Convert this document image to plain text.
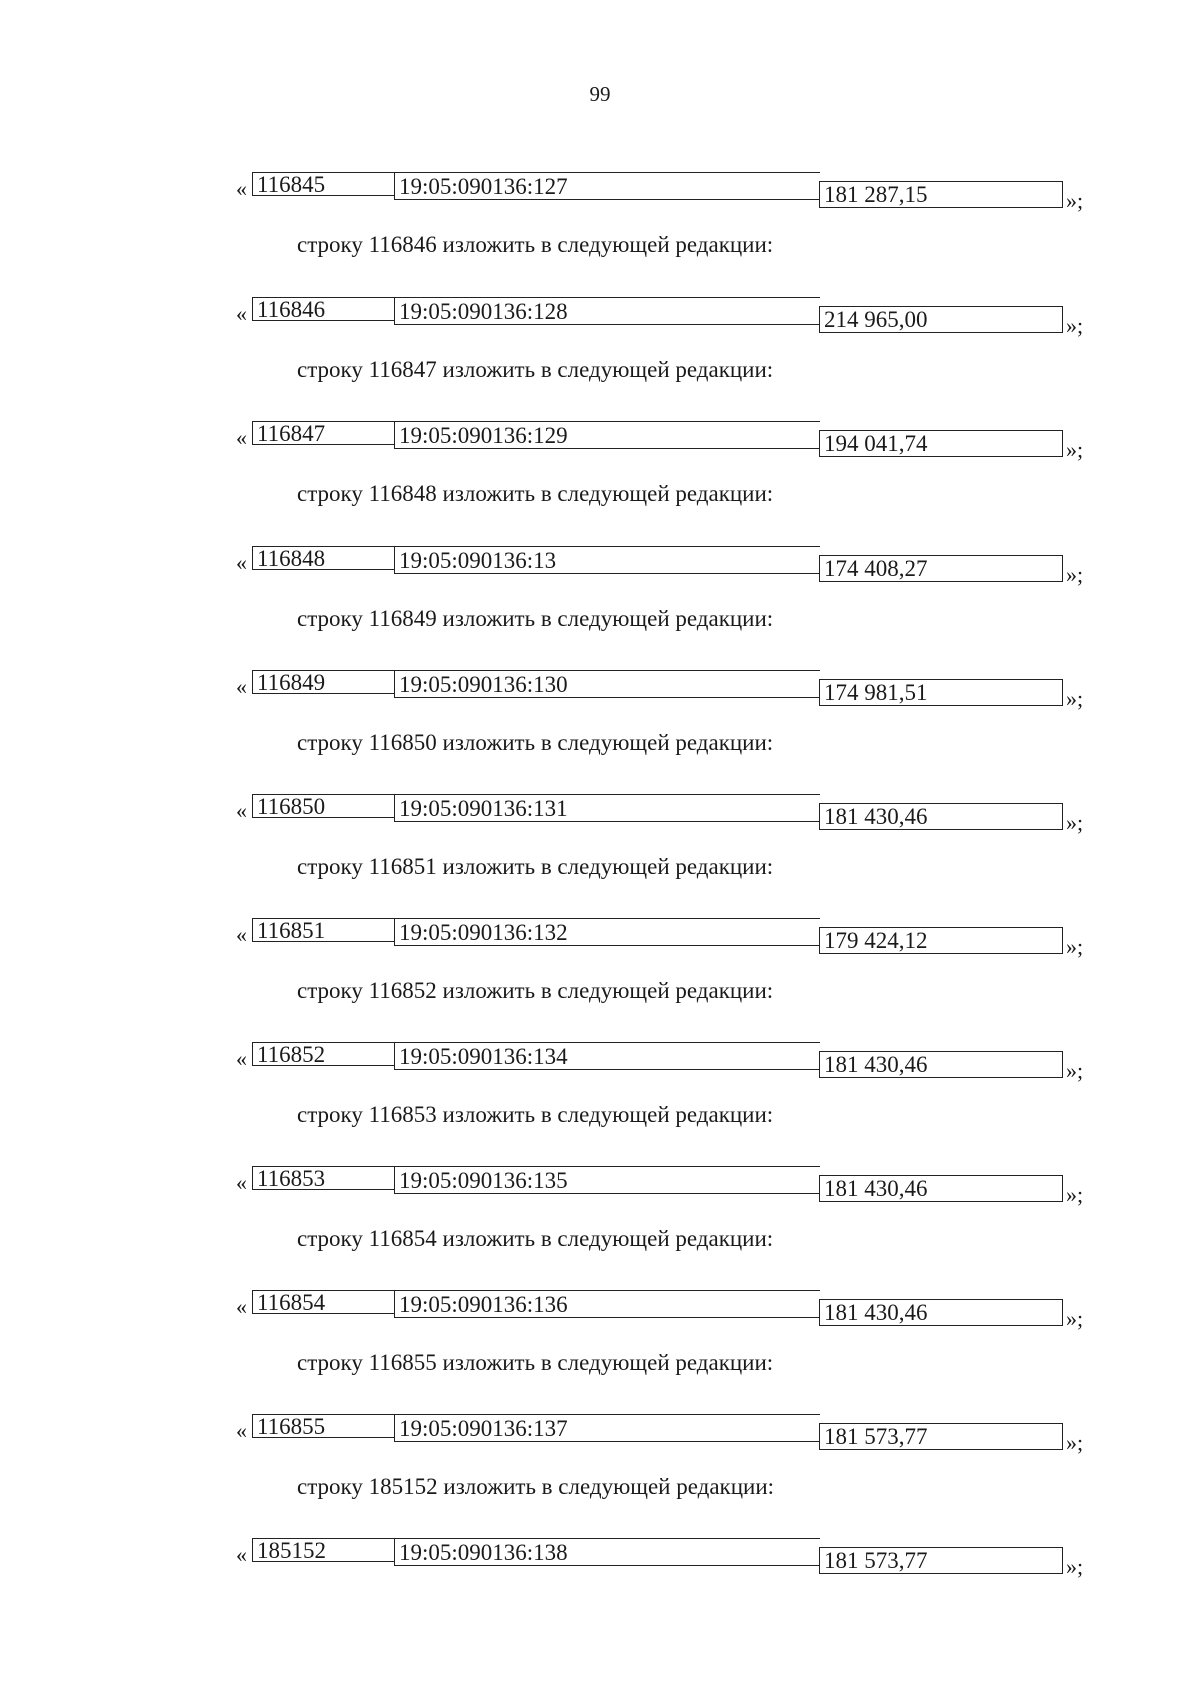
99
« 116845	19:05:090136:127	181 287,15	»;
строку 116846 изложить в следующей редакции:
« 116846	19:05:090136:128	214 965,00	»;
строку 116847 изложить в следующей редакции:
« 116847	19:05:090136:129	194 041,74	»;
строку 116848 изложить в следующей редакции:
« 116848	19:05:090136:13	174 408,27	»;
строку 116849 изложить в следующей редакции:
« 116849	19:05:090136:130	174 981,51	»;
строку 116850 изложить в следующей редакции:
« 116850	19:05:090136:131	181 430,46	»;
строку 116851 изложить в следующей редакции:
« 116851	19:05:090136:132	179 424,12	»;
строку 116852 изложить в следующей редакции:
« 116852	19:05:090136:134	181 430,46	»;
строку 116853 изложить в следующей редакции:
« 116853	19:05:090136:135	181 430,46	»;
строку 116854 изложить в следующей редакции:
« 116854	19:05:090136:136	181 430,46	»;
строку 116855 изложить в следующей редакции:
« 116855	19:05:090136:137	181 573,77	»;
строку 185152 изложить в следующей редакции:
« 185152	19:05:090136:138	181 573,77	»;
